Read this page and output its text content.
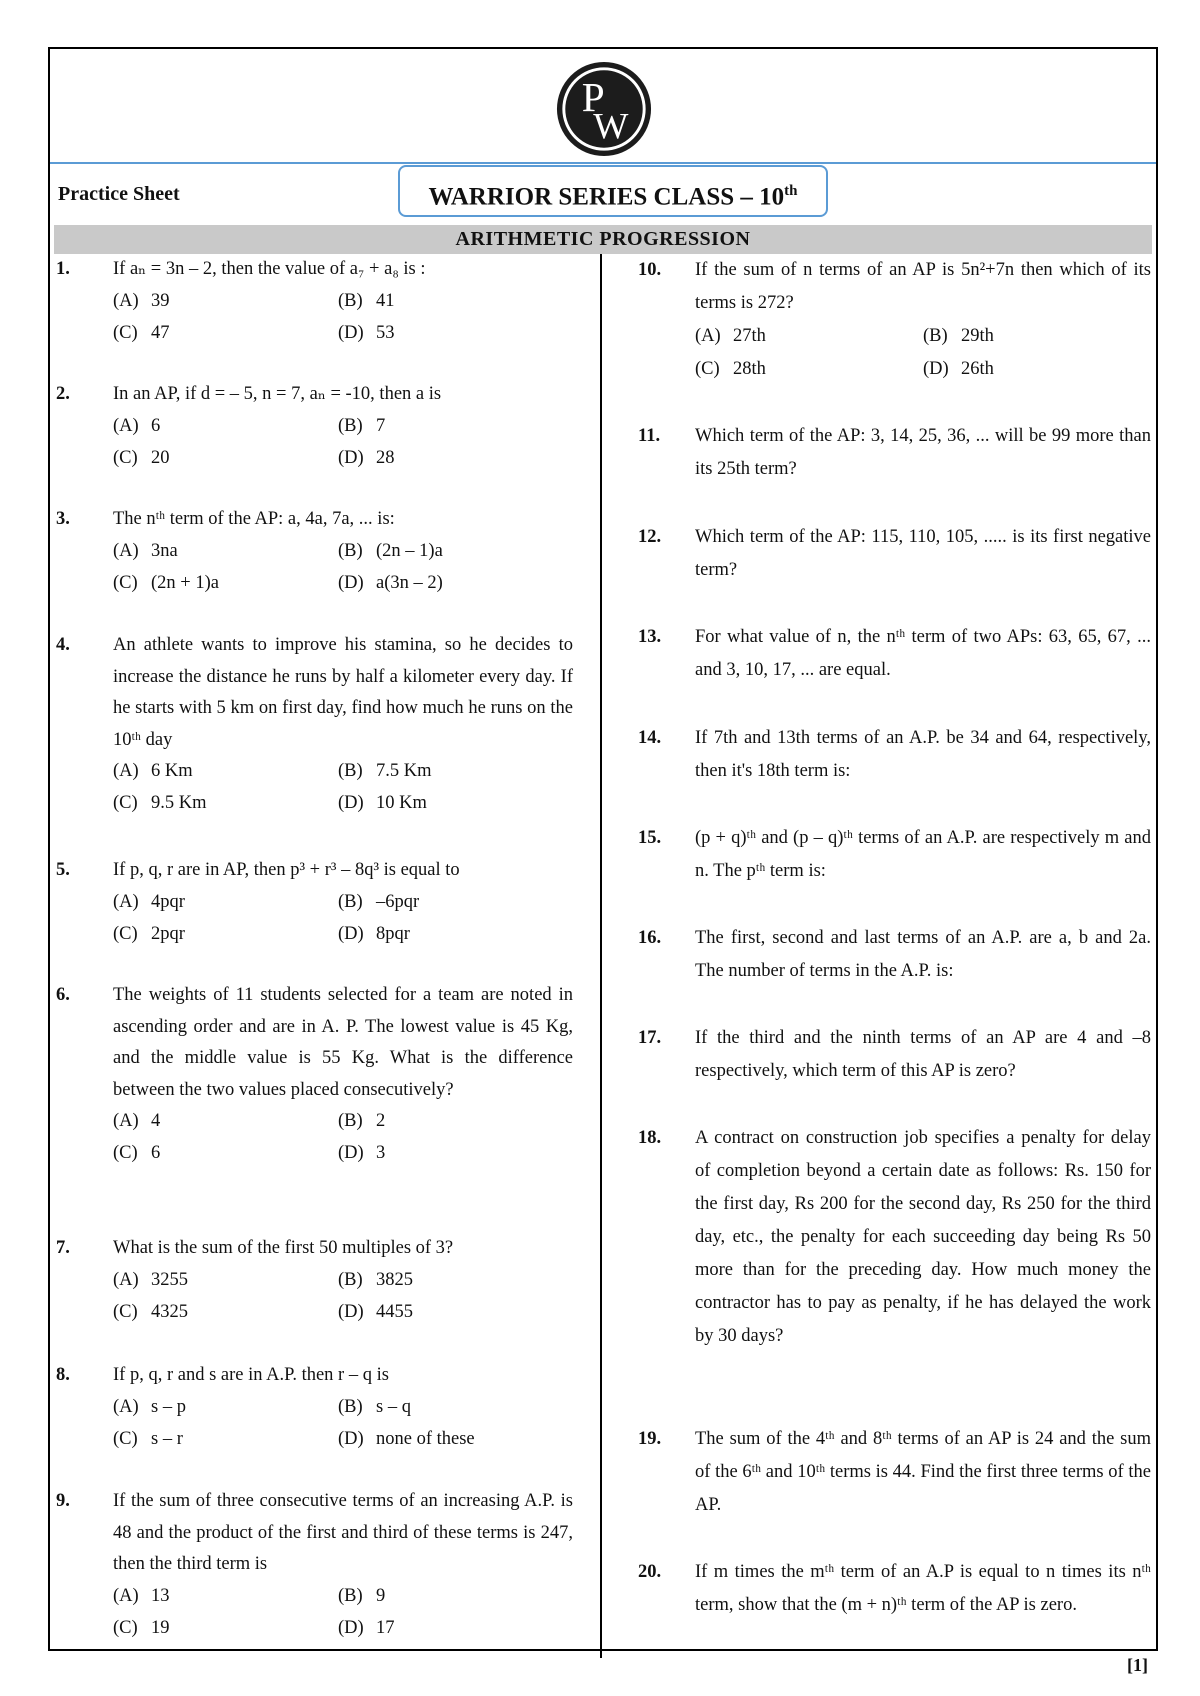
P
W
Practice Sheet	WARRIOR SERIES CLASS – 10th
ARITHMETIC PROGRESSION
1. If aₙ = 3n – 2, then the value of a₇ + a₈ is :
(A) 39	(B) 41
(C) 47	(D) 53
2. In an AP, if d = – 5, n = 7, aₙ = -10, then a is
(A) 6	(B) 7
(C) 20	(D) 28
3. The nᵗʰ term of the AP: a, 4a, 7a, ... is:
(A) 3na	(B) (2n – 1)a
(C) (2n + 1)a	(D) a(3n – 2)
4. An athlete wants to improve his stamina, so he decides to increase the distance he runs by half a kilometer every day. If he starts with 5 km on first day, find how much he runs on the 10ᵗʰ day
(A) 6 Km	(B) 7.5 Km
(C) 9.5 Km	(D) 10 Km
5. If p, q, r are in AP, then p³ + r³ – 8q³ is equal to
(A) 4pqr	(B) –6pqr
(C) 2pqr	(D) 8pqr
6. The weights of 11 students selected for a team are noted in ascending order and are in A. P. The lowest value is 45 Kg, and the middle value is 55 Kg. What is the difference between the two values placed consecutively?
(A) 4	(B) 2
(C) 6	(D) 3
7. What is the sum of the first 50 multiples of 3?
(A) 3255	(B) 3825
(C) 4325	(D) 4455
8. If p, q, r and s are in A.P. then r – q is
(A) s – p	(B) s – q
(C) s – r	(D) none of these
9. If the sum of three consecutive terms of an increasing A.P. is 48 and the product of the first and third of these terms is 247, then the third term is
(A) 13	(B) 9
(C) 19	(D) 17
10. If the sum of n terms of an AP is 5n²+7n then which of its terms is 272?
(A) 27th	(B) 29th
(C) 28th	(D) 26th
11. Which term of the AP: 3, 14, 25, 36, ... will be 99 more than its 25th term?
12. Which term of the AP: 115, 110, 105, ..... is its first negative term?
13. For what value of n, the nᵗʰ term of two APs: 63, 65, 67, ... and 3, 10, 17, ... are equal.
14. If 7th and 13th terms of an A.P. be 34 and 64, respectively, then it's 18th term is:
15. (p + q)ᵗʰ and (p – q)ᵗʰ terms of an A.P. are respectively m and n. The pᵗʰ term is:
16. The first, second and last terms of an A.P. are a, b and 2a. The number of terms in the A.P. is:
17. If the third and the ninth terms of an AP are 4 and –8 respectively, which term of this AP is zero?
18. A contract on construction job specifies a penalty for delay of completion beyond a certain date as follows: Rs. 150 for the first day, Rs 200 for the second day, Rs 250 for the third day, etc., the penalty for each succeeding day being Rs 50 more than for the preceding day. How much money the contractor has to pay as penalty, if he has delayed the work by 30 days?
19. The sum of the 4ᵗʰ and 8ᵗʰ terms of an AP is 24 and the sum of the 6ᵗʰ and 10ᵗʰ terms is 44. Find the first three terms of the AP.
20. If m times the mᵗʰ term of an A.P is equal to n times its nᵗʰ term, show that the (m + n)ᵗʰ term of the AP is zero.
[1]
